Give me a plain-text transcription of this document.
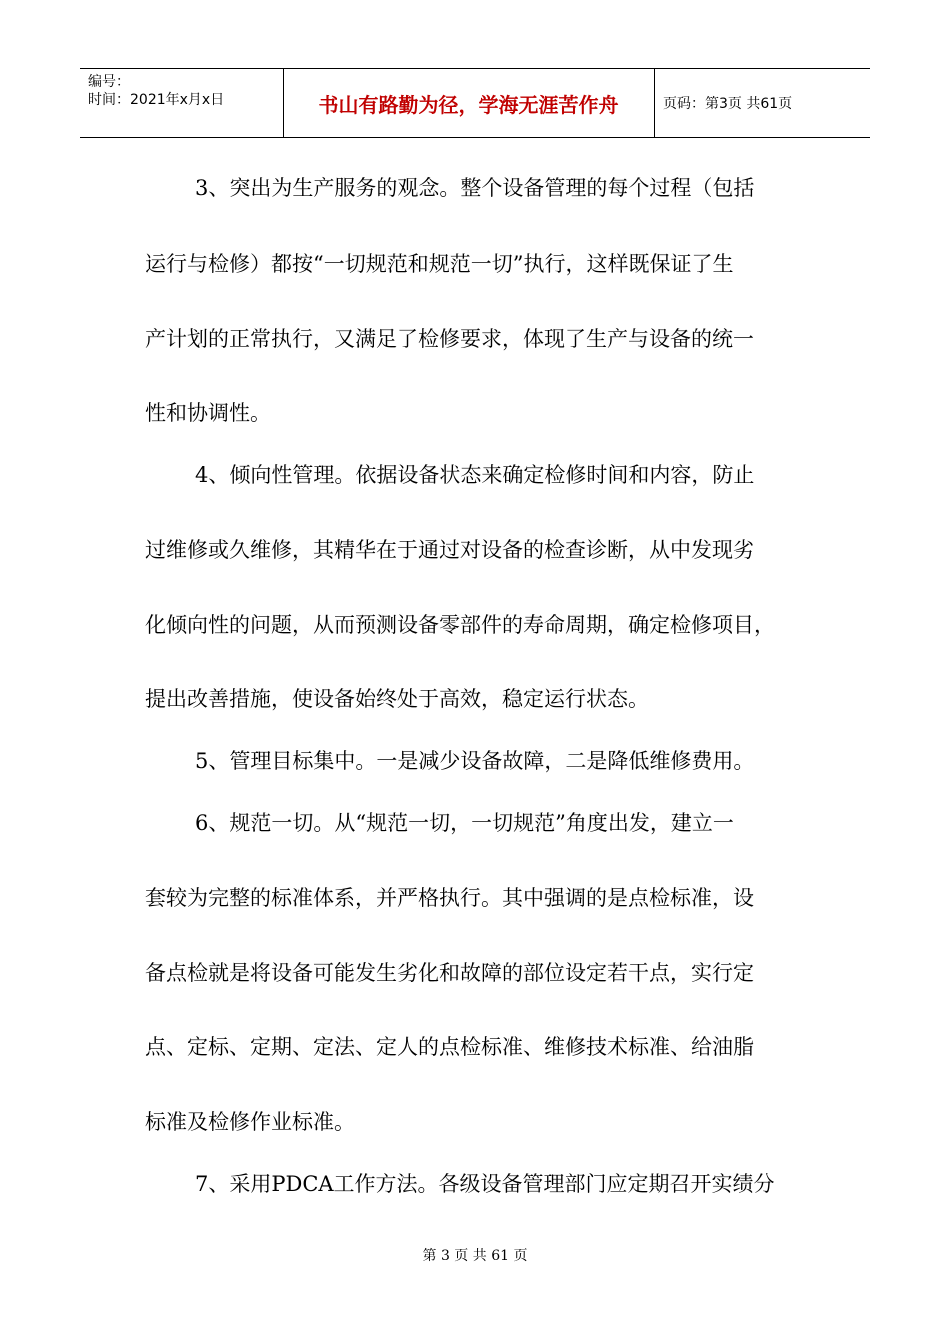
编号：
时间：2021年x月x日	书山有路勤为径，学海无涯苦作舟	页码：第3页 共61页
3、突出为生产服务的观念。整个设备管理的每个过程（包括
运行与检修）都按“一切规范和规范一切”执行，这样既保证了生
产计划的正常执行，又满足了检修要求，体现了生产与设备的统一
性和协调性。
4、倾向性管理。依据设备状态来确定检修时间和内容，防止
过维修或久维修，其精华在于通过对设备的检查诊断，从中发现劣
化倾向性的问题，从而预测设备零部件的寿命周期，确定检修项目，
提出改善措施，使设备始终处于高效，稳定运行状态。
5、管理目标集中。一是减少设备故障，二是降低维修费用。
6、规范一切。从“规范一切，一切规范”角度出发，建立一
套较为完整的标准体系，并严格执行。其中强调的是点检标准，设
备点检就是将设备可能发生劣化和故障的部位设定若干点，实行定
点、定标、定期、定法、定人的点检标准、维修技术标准、给油脂
标准及检修作业标准。
7、采用PDCA工作方法。各级设备管理部门应定期召开实绩分
第 3 页 共 61 页
